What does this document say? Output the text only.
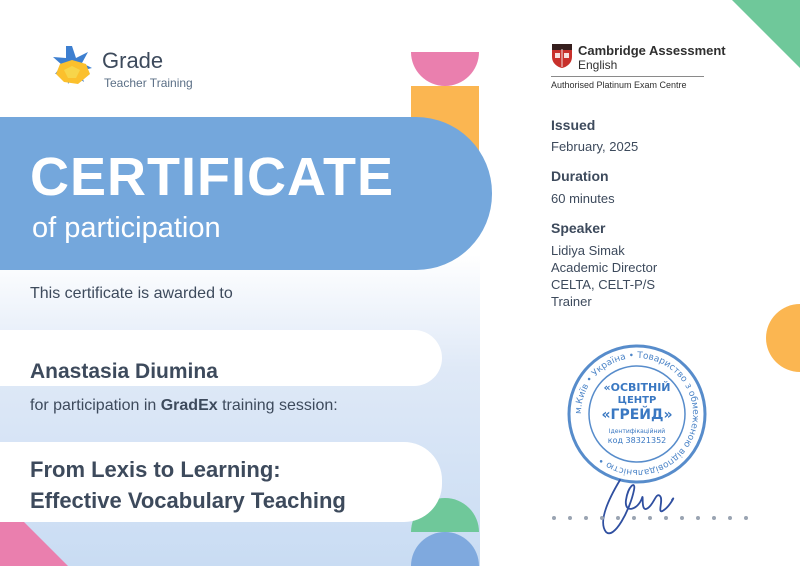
Grade
Teacher Training
CERTIFICATE
of participation
This certificate is awarded to
Anastasia Diumina
for participation in GradEx training session:
From Lexis to Learning:
Effective Vocabulary Teaching
Cambridge Assessment
English
Authorised Platinum Exam Centre
Issued
February, 2025
Duration
60 minutes
Speaker
Lidiya Simak
Academic Director
CELTA, CELT-P/S
Trainer
м.Київ • Україна • Товариство з обмеженою відповідальністю •
«ОСВІТНІЙ
ЦЕНТР
«ГРЕЙД»
Ідентифікаційний
код 38321352
